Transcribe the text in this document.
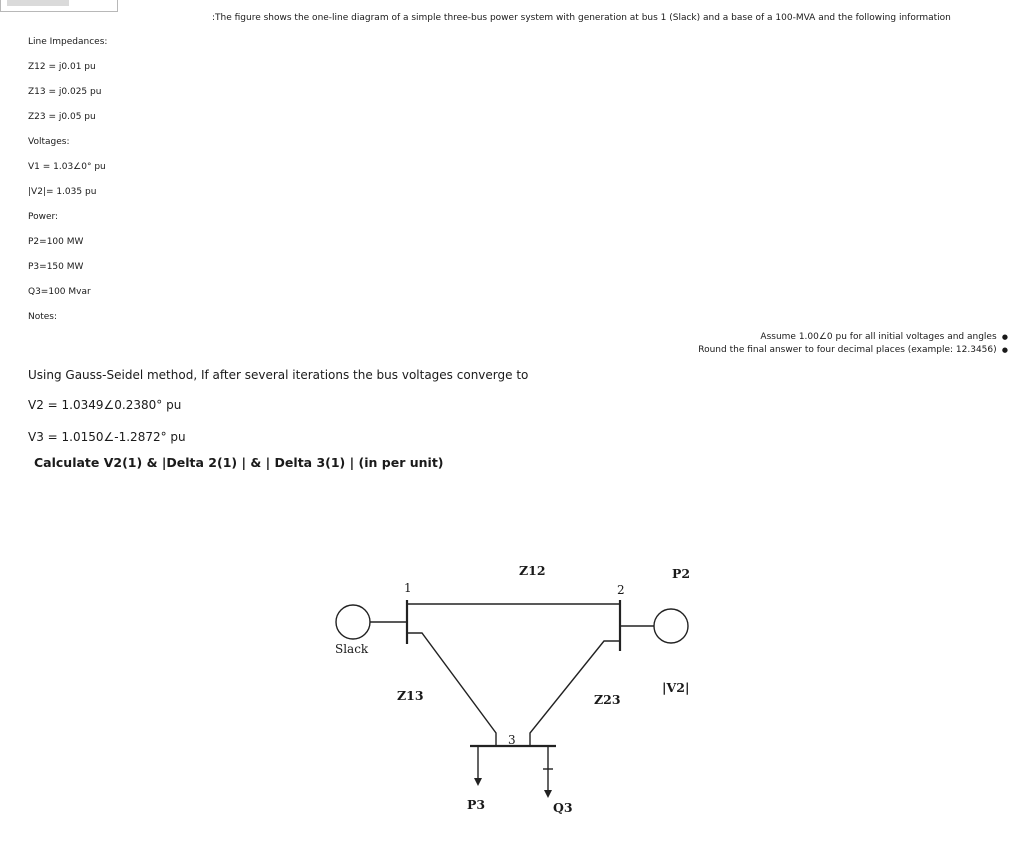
:The figure shows the one-line diagram of a simple three-bus power system with generation at bus 1 (Slack) and a base of a 100-MVA and the following information
Line Impedances:
Z12 = j0.01 pu
Z13 = j0.025 pu
Z23 = j0.05 pu
Voltages:
V1 = 1.03∠0° pu
|V2|= 1.035 pu
Power:
P2=100 MW
P3=150 MW
Q3=100 Mvar
Notes:
Assume 1.00∠0 pu for all initial voltages and angles ●
Round the final answer to four decimal places (example: 12.3456) ●
Using Gauss-Seidel method, If after several iterations the bus voltages converge to
V2 = 1.0349∠0.2380° pu
V3 = 1.0150∠-1.2872° pu
Calculate V2(1) & |Delta 2(1) | & | Delta 3(1) | (in per unit)
1	2
3
Slack
Z12
Z13	Z23
P2
|V2|
P3	Q3
